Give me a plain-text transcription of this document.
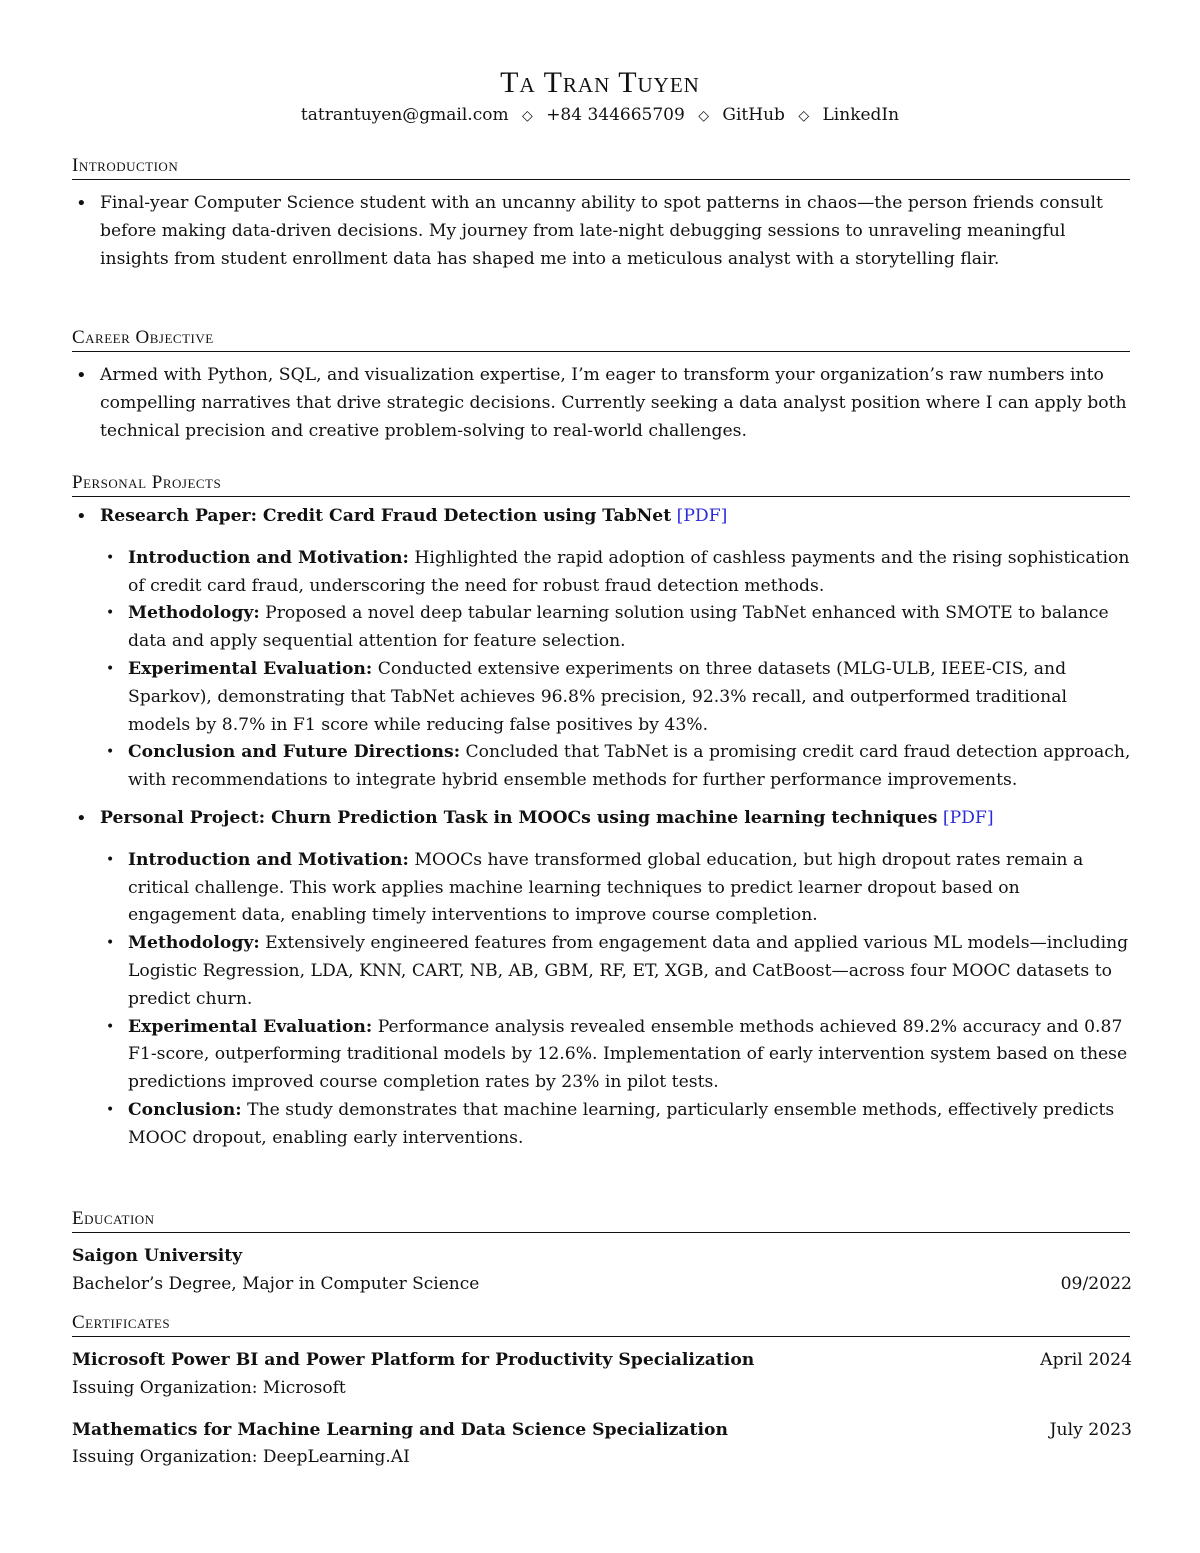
Ta Tran Tuyen
tatrantuyen@gmail.com ◇ +84 344665709 ◇ GitHub ◇ LinkedIn
Introduction
• Final-year Computer Science student with an uncanny ability to spot patterns in chaos—the person friends consult before making data-driven decisions. My journey from late-night debugging sessions to unraveling meaningful insights from student enrollment data has shaped me into a meticulous analyst with a storytelling flair.
Career Objective
• Armed with Python, SQL, and visualization expertise, I’m eager to transform your organization’s raw numbers into compelling narratives that drive strategic decisions. Currently seeking a data analyst position where I can apply both technical precision and creative problem-solving to real-world challenges.
Personal Projects
• Research Paper: Credit Card Fraud Detection using TabNet [PDF]
• Introduction and Motivation: Highlighted the rapid adoption of cashless payments and the rising sophistication of credit card fraud, underscoring the need for robust fraud detection methods.
• Methodology: Proposed a novel deep tabular learning solution using TabNet enhanced with SMOTE to balance data and apply sequential attention for feature selection.
• Experimental Evaluation: Conducted extensive experiments on three datasets (MLG-ULB, IEEE-CIS, and Sparkov), demonstrating that TabNet achieves 96.8% precision, 92.3% recall, and outperformed traditional models by 8.7% in F1 score while reducing false positives by 43%.
• Conclusion and Future Directions: Concluded that TabNet is a promising credit card fraud detection approach, with recommendations to integrate hybrid ensemble methods for further performance improvements.
• Personal Project: Churn Prediction Task in MOOCs using machine learning techniques [PDF]
• Introduction and Motivation: MOOCs have transformed global education, but high dropout rates remain a critical challenge. This work applies machine learning techniques to predict learner dropout based on engagement data, enabling timely interventions to improve course completion.
• Methodology: Extensively engineered features from engagement data and applied various ML models—including Logistic Regression, LDA, KNN, CART, NB, AB, GBM, RF, ET, XGB, and CatBoost—across four MOOC datasets to predict churn.
• Experimental Evaluation: Performance analysis revealed ensemble methods achieved 89.2% accuracy and 0.87 F1-score, outperforming traditional models by 12.6%. Implementation of early intervention system based on these predictions improved course completion rates by 23% in pilot tests.
• Conclusion: The study demonstrates that machine learning, particularly ensemble methods, effectively predicts MOOC dropout, enabling early interventions.
Education
Saigon University
Bachelor’s Degree, Major in Computer Science	09/2022
Certificates
Microsoft Power BI and Power Platform for Productivity Specialization	April 2024
Issuing Organization: Microsoft
Mathematics for Machine Learning and Data Science Specialization	July 2023
Issuing Organization: DeepLearning.AI
